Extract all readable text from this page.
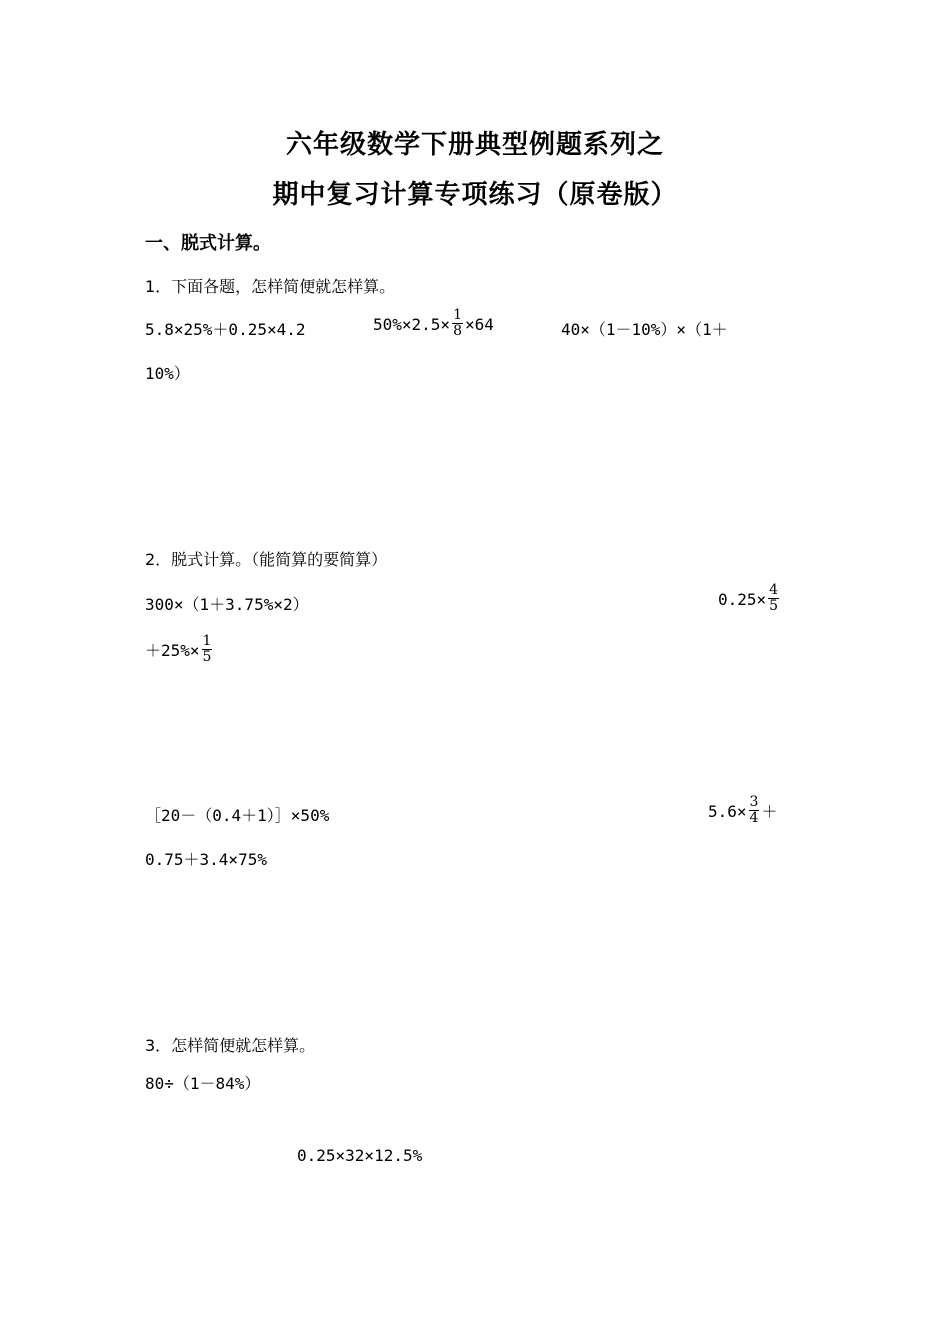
六年级数学下册典型例题系列之
期中复习计算专项练习（原卷版）
一、脱式计算。
1．下面各题，怎样简便就怎样算。
5.8×25%＋0.25×4.2	$50\%\times 2.5\times \frac{1}{8} \times 64$	40×（1－10%）×（1＋
10%）
2．脱式计算。（能简算的要简算）
300×（1＋3.75%×2）	$0.25\times \frac{4}{5}$
$+25\%\times \frac{1}{5}$
［20－（0.4＋1）］×50%	$5.6\times \frac{3}{4}$ ＋
0.75＋3.4×75%
3．怎样简便就怎样算。
80÷（1－84%）
0.25×32×12.5%
